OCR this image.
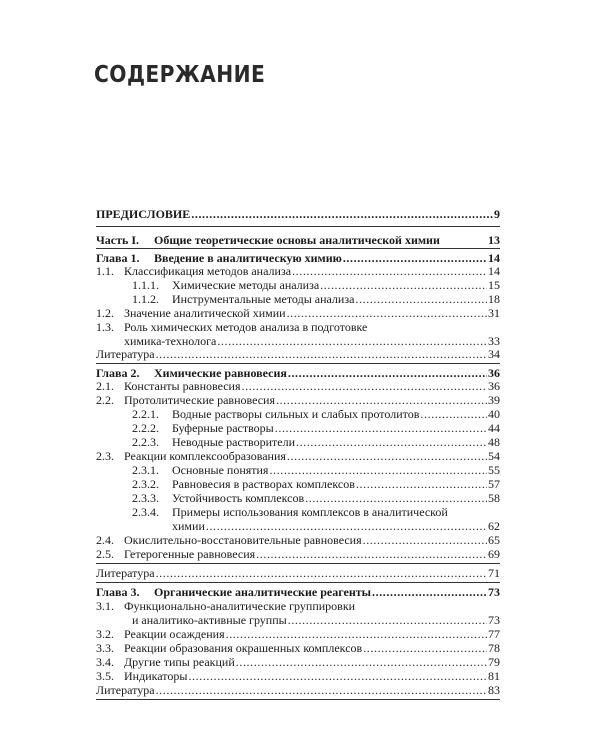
СОДЕРЖАНИЕ
ПРЕДИСЛОВИЕ .....	9
Часть I. Общие теоретические основы аналитической химии	13
Глава 1. Введение в аналитическую химию .....	14
1.1. Классификация методов анализа .....	14
1.1.1. Химические методы анализа .....	15
1.1.2. Инструментальные методы анализа .....	18
1.2. Значение аналитической химии .....	31
1.3. Роль химических методов анализа в подготовке
химика-технолога .....	33
Литература .....	34
Глава 2. Химические равновесия .....	36
2.1. Константы равновесия .....	36
2.2. Протолитические равновесия .....	39
2.2.1. Водные растворы сильных и слабых протолитов .....	40
2.2.2. Буферные растворы .....	44
2.2.3. Неводные растворители .....	48
2.3. Реакции комплексообразования .....	54
2.3.1. Основные понятия .....	55
2.3.2. Равновесия в растворах комплексов .....	57
2.3.3. Устойчивость комплексов .....	58
2.3.4. Примеры использования комплексов в аналитической
химии .....	62
2.4. Окислительно-восстановительные равновесия .....	65
2.5. Гетерогенные равновесия .....	69
Литература .....	71
Глава 3. Органические аналитические реагенты .....	73
3.1. Функционально-аналитические группировки
и аналитико-активные группы .....	73
3.2. Реакции осаждения .....	77
3.3. Реакции образования окрашенных комплексов .....	78
3.4. Другие типы реакций .....	79
3.5. Индикаторы .....	81
Литература .....	83
